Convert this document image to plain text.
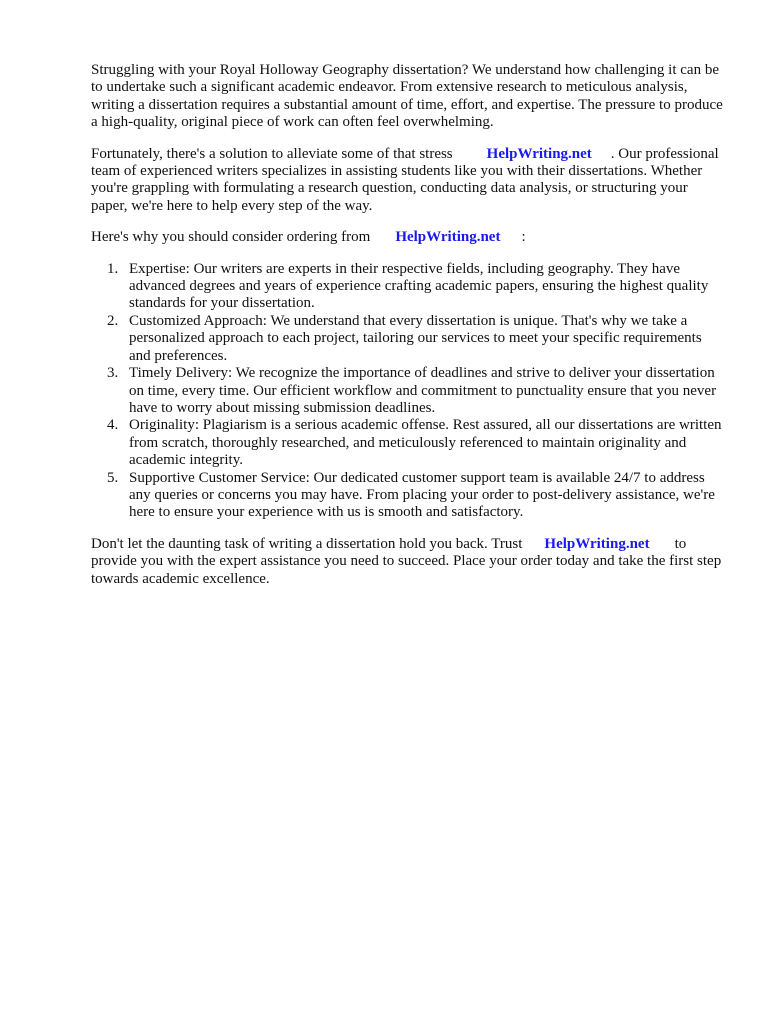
Struggling with your Royal Holloway Geography dissertation? We understand how challenging it can be to undertake such a significant academic endeavor. From extensive research to meticulous analysis, writing a dissertation requires a substantial amount of time, effort, and expertise. The pressure to produce a high-quality, original piece of work can often feel overwhelming.

Fortunately, there's a solution to alleviate some of that stress HelpWriting.net . Our professional team of experienced writers specializes in assisting students like you with their dissertations. Whether you're grappling with formulating a research question, conducting data analysis, or structuring your paper, we're here to help every step of the way.

Here's why you should consider ordering from HelpWriting.net :

1. Expertise: Our writers are experts in their respective fields, including geography. They have advanced degrees and years of experience crafting academic papers, ensuring the highest quality standards for your dissertation.
2. Customized Approach: We understand that every dissertation is unique. That's why we take a personalized approach to each project, tailoring our services to meet your specific requirements and preferences.
3. Timely Delivery: We recognize the importance of deadlines and strive to deliver your dissertation on time, every time. Our efficient workflow and commitment to punctuality ensure that you never have to worry about missing submission deadlines.
4. Originality: Plagiarism is a serious academic offense. Rest assured, all our dissertations are written from scratch, thoroughly researched, and meticulously referenced to maintain originality and academic integrity.
5. Supportive Customer Service: Our dedicated customer support team is available 24/7 to address any queries or concerns you may have. From placing your order to post-delivery assistance, we're here to ensure your experience with us is smooth and satisfactory.

Don't let the daunting task of writing a dissertation hold you back. Trust HelpWriting.net to provide you with the expert assistance you need to succeed. Place your order today and take the first step towards academic excellence.
